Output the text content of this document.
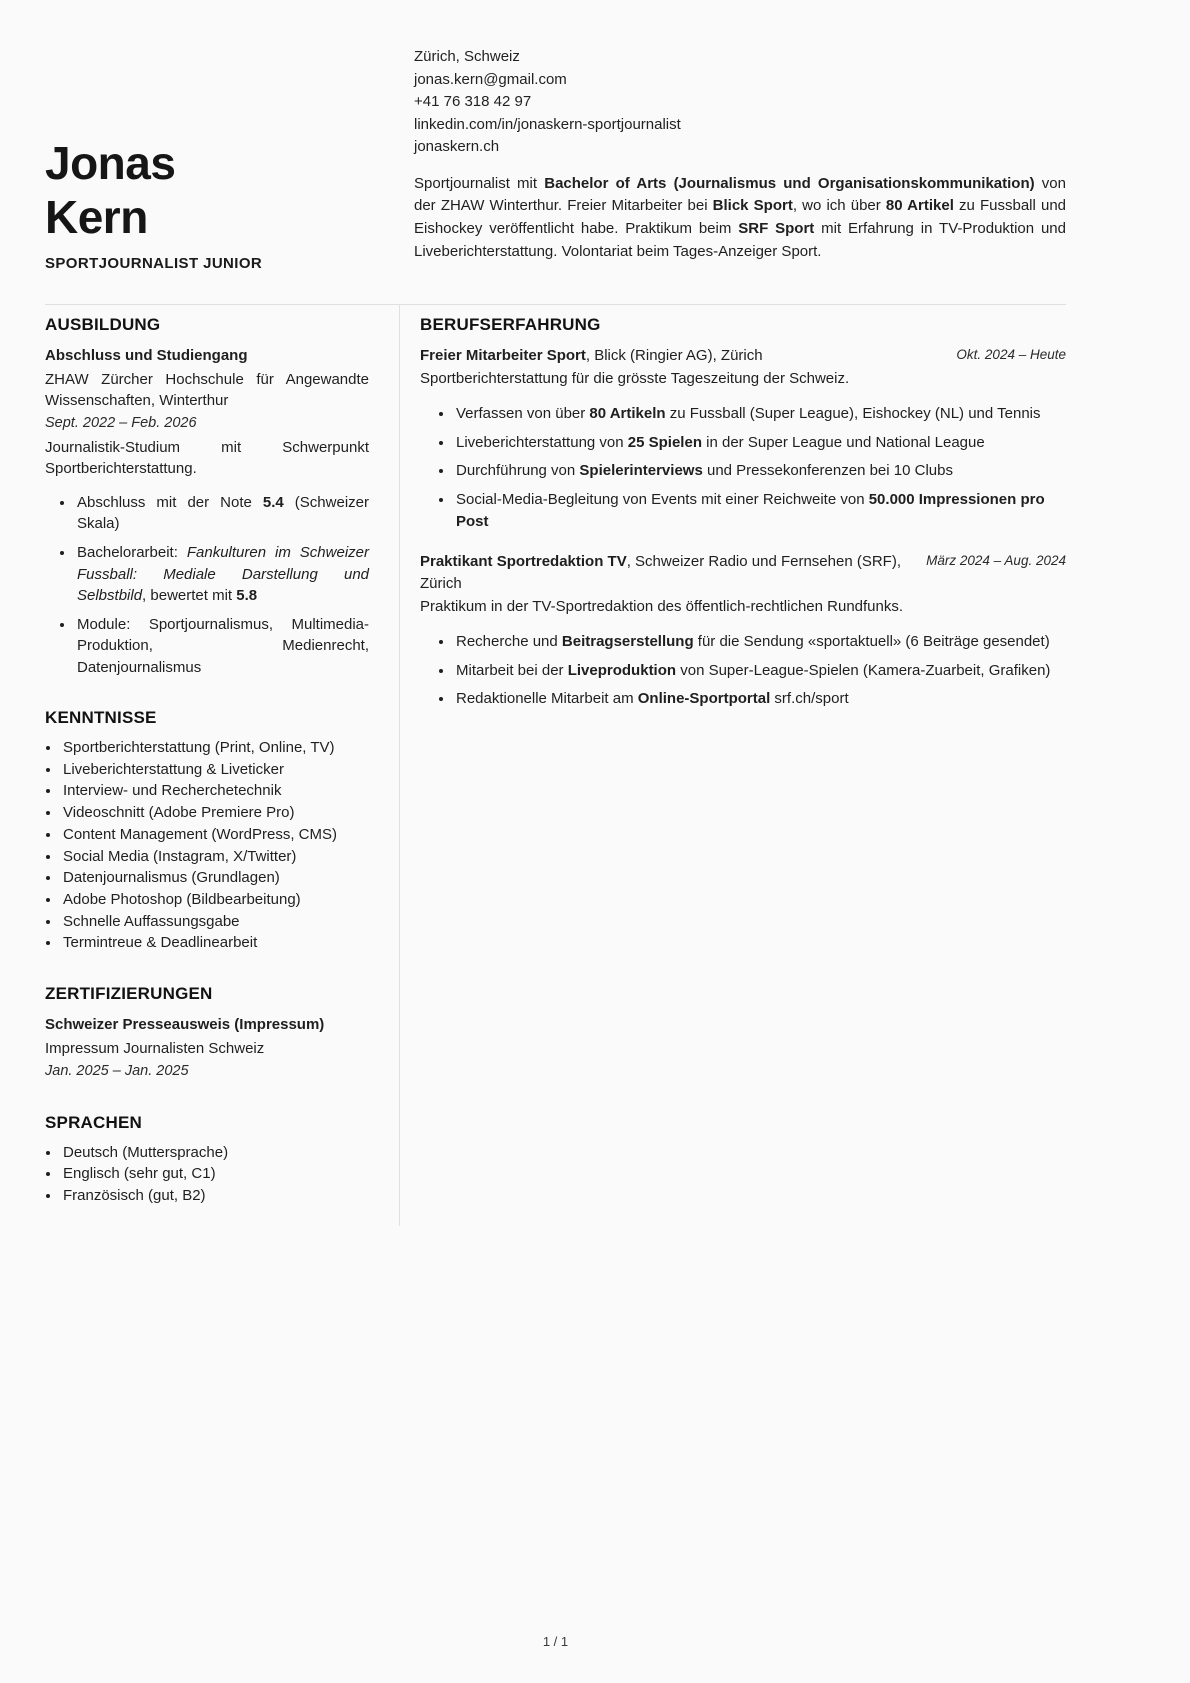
Jonas
Kern
SPORTJOURNALIST JUNIOR
Zürich, Schweiz
jonas.kern@gmail.com
+41 76 318 42 97
linkedin.com/in/jonaskern-sportjournalist
jonaskern.ch

Sportjournalist mit Bachelor of Arts (Journalismus und Organisationskommunikation) von der ZHAW Winterthur. Freier Mitarbeiter bei Blick Sport, wo ich über 80 Artikel zu Fussball und Eishockey veröffentlicht habe. Praktikum beim SRF Sport mit Erfahrung in TV-Produktion und Liveberichterstattung. Volontariat beim Tages-Anzeiger Sport.

AUSBILDUNG
Abschluss und Studiengang

ZHAW Zürcher Hochschule für Angewandte Wissenschaften, Winterthur

Sept. 2022 – Feb. 2026

Journalistik-Studium mit Schwerpunkt Sportberichterstattung.

• Abschluss mit der Note 5.4 (Schweizer Skala)
• Bachelorarbeit: Fankulturen im Schweizer Fussball: Mediale Darstellung und Selbstbild, bewertet mit 5.8
• Module: Sportjournalismus, Multimedia-Produktion, Medienrecht, Datenjournalismus
KENNTNISSE
• Sportberichterstattung (Print, Online, TV)
• Liveberichterstattung & Liveticker
• Interview- und Recherchetechnik
• Videoschnitt (Adobe Premiere Pro)
• Content Management (WordPress, CMS)
• Social Media (Instagram, X/Twitter)
• Datenjournalismus (Grundlagen)
• Adobe Photoshop (Bildbearbeitung)
• Schnelle Auffassungsgabe
• Termintreue & Deadlinearbeit
ZERTIFIZIERUNGEN
Schweizer Presseausweis (Impressum)

Impressum Journalisten Schweiz

Jan. 2025 – Jan. 2025
SPRACHEN
• Deutsch (Muttersprache)
• Englisch (sehr gut, C1)
• Französisch (gut, B2)
BERUFSERFAHRUNG
Freier Mitarbeiter Sport, Blick (Ringier AG), Zürich	Okt. 2024 – Heute

Sportberichterstattung für die grösste Tageszeitung der Schweiz.

• Verfassen von über 80 Artikeln zu Fussball (Super League), Eishockey (NL) und Tennis
• Liveberichterstattung von 25 Spielen in der Super League und National League
• Durchführung von Spielerinterviews und Pressekonferenzen bei 10 Clubs
• Social-Media-Begleitung von Events mit einer Reichweite von 50.000 Impressionen pro Post
Praktikant Sportredaktion TV, Schweizer Radio und Fernsehen (SRF), Zürich
März 2024 – Aug. 2024

Praktikum in der TV-Sportredaktion des öffentlich-rechtlichen Rundfunks.

• Recherche und Beitragserstellung für die Sendung «sportaktuell» (6 Beiträge gesendet)
• Mitarbeit bei der Liveproduktion von Super-League-Spielen (Kamera-Zuarbeit, Grafiken)
• Redaktionelle Mitarbeit am Online-Sportportal srf.ch/sport
1 / 1
